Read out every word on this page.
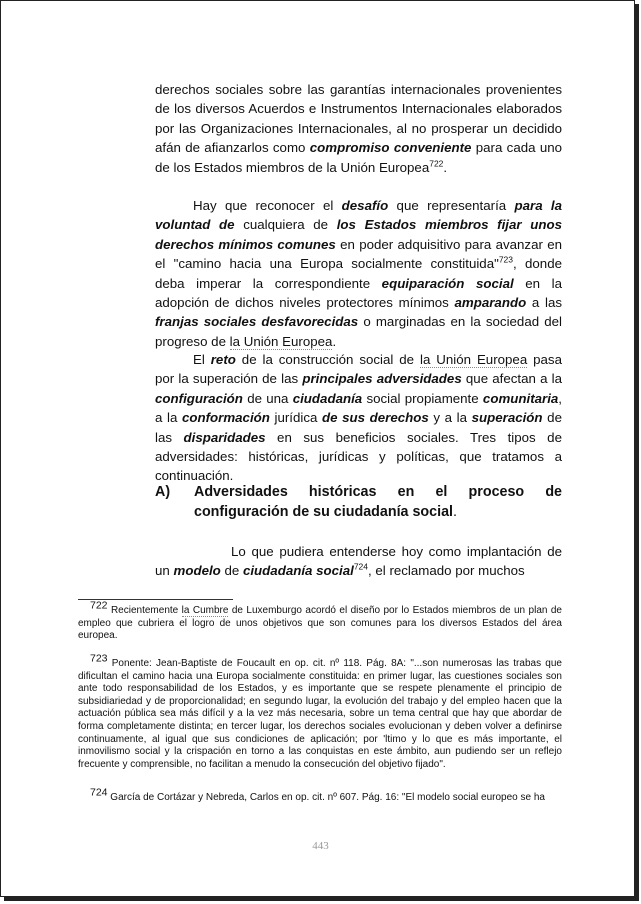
derechos sociales sobre las garantías internacionales provenientes de los diversos Acuerdos e Instrumentos Internacionales elaborados por las Organizaciones Internacionales, al no prosperar un decidido afán de afianzarlos como compromiso conveniente para cada uno de los Estados miembros de la Unión Europea$^{722}$.

Hay que reconocer el desafío que representaría para la voluntad de cualquiera de los Estados miembros fijar unos derechos mínimos comunes en poder adquisitivo para avanzar en el "camino hacia una Europa socialmente constituida"$^{723}$, donde deba imperar la correspondiente equiparación social en la adopción de dichos niveles protectores mínimos amparando a las franjas sociales desfavorecidas o marginadas en la sociedad del progreso de la Unión Europea.

El reto de la construcción social de la Unión Europea pasa por la superación de las principales adversidades que afectan a la configuración de una ciudadanía social propiamente comunitaria, a la conformación jurídica de sus derechos y a la superación de las disparidades en sus beneficios sociales. Tres tipos de adversidades: históricas, jurídicas y políticas, que tratamos a continuación.

A) Adversidades históricas en el proceso de configuración de su ciudadanía social.

Lo que pudiera entenderse hoy como implantación de un modelo de ciudadanía social$^{724}$, el reclamado por muchos

$^{722}$ Recientemente la Cumbre de Luxemburgo acordó el diseño por lo Estados miembros de un plan de empleo que cubriera el logro de unos objetivos que son comunes para los diversos Estados del área europea.

$^{723}$ Ponente: Jean-Baptiste de Foucault en op. cit. nº 118. Pág. 8A: "...son numerosas las trabas que dificultan el camino hacia una Europa socialmente constituida: en primer lugar, las cuestiones sociales son ante todo responsabilidad de los Estados, y es importante que se respete plenamente el principio de subsidiariedad y de proporcionalidad; en segundo lugar, la evolución del trabajo y del empleo hacen que la actuación pública sea más difícil y a la vez más necesaria, sobre un tema central que hay que abordar de forma completamente distinta; en tercer lugar, los derechos sociales evolucionan y deben volver a definirse continuamente, al igual que sus condiciones de aplicación; por 'ltimo y lo que es más importante, el inmovilismo social y la crispación en torno a las conquistas en este ámbito, aun pudiendo ser un reflejo frecuente y comprensible, no facilitan a menudo la consecución del objetivo fijado".

$^{724}$ García de Cortázar y Nebreda, Carlos en op. cit. nº 607. Pág. 16: "El modelo social europeo se ha

443
